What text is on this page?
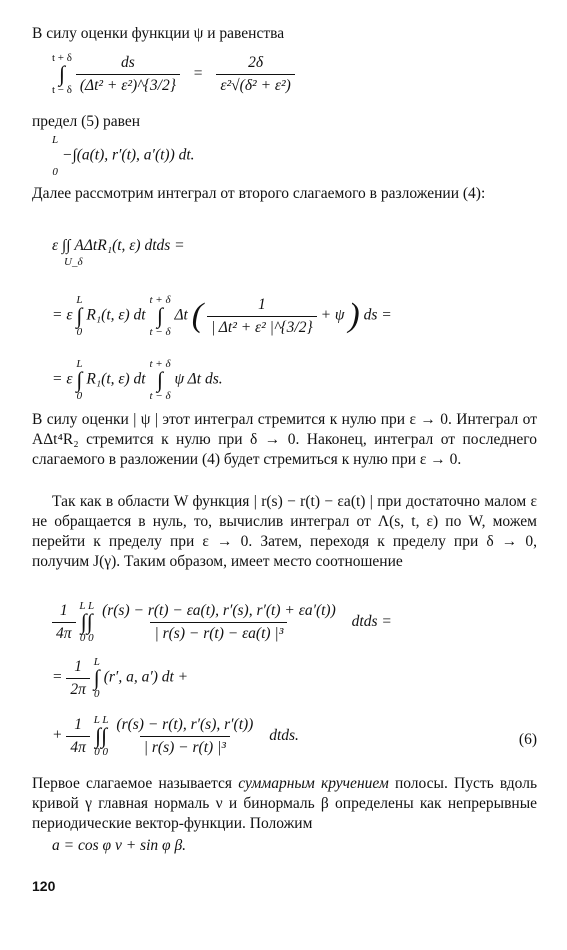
В силу оценки функции ψ и равенства
t + δ
∫
t − δ
$\frac{ds}{\text{(Δt² + ε²)\textasciicircum{}\{3/2\}}} = \frac{2\delta}{\text{ε²√(δ² + ε²)}}$
предел (5) равен
L
0
−∫(a(t), r′(t), a′(t)) dt.
Далее рассмотрим интеграл от второго слагаемого в разложении (4):
ε ∫∫ AΔtR₁(t, ε) dtds =
U_δ
= ε
L
∫
0
R₁(t, ε) dt
t + δ
∫
t − δ
Δt ( $\frac{1}{\text{| Δt² + ε² |\textasciicircum{}\{3/2\}}} + \psi$ ) ds =
= ε
L
∫
0
R₁(t, ε) dt
t + δ
∫
t − δ
ψ Δt ds.
В силу оценки | ψ | этот интеграл стремится к нулю при ε → 0. Интеграл от AΔt⁴R₂ стремится к нулю при δ → 0. Наконец, интеграл от последнего слагаемого в разложении (4) будет стремиться к нулю при ε → 0.
Так как в области W функция | r(s) − r(t) − εa(t) | при достаточно малом ε не обращается в нуль, то, вычислив интеграл от Λ(s, t, ε) по W, можем перейти к пределу при ε → 0. Затем, переходя к пределу при δ → 0, получим J(γ). Таким образом, имеет место соотношение
$\frac{1}{4\pi}$
L L
∫∫
0 0
$\frac{(r(s) - r(t) - \varepsilon a(t), r'(s), r'(t) + \varepsilon a'(t))}{\text{| r(s) − r(t) − εa(t) |³}}$ dtds =
= $\frac{1}{2\pi}$
L
∫
0
(r′, a, a′) dt +
+ $\frac{1}{4\pi}$
L L
∫∫
0 0
$\frac{(r(s) - r(t), r'(s), r'(t))}{\text{| r(s) − r(t) |³}}$ dtds.	(6)
Первое слагаемое называется суммарным кручением полосы. Пусть вдоль кривой γ главная нормаль ν и бинормаль β определены как непрерывные периодические вектор-функции. Положим
a = cos φ ν + sin φ β.
120
